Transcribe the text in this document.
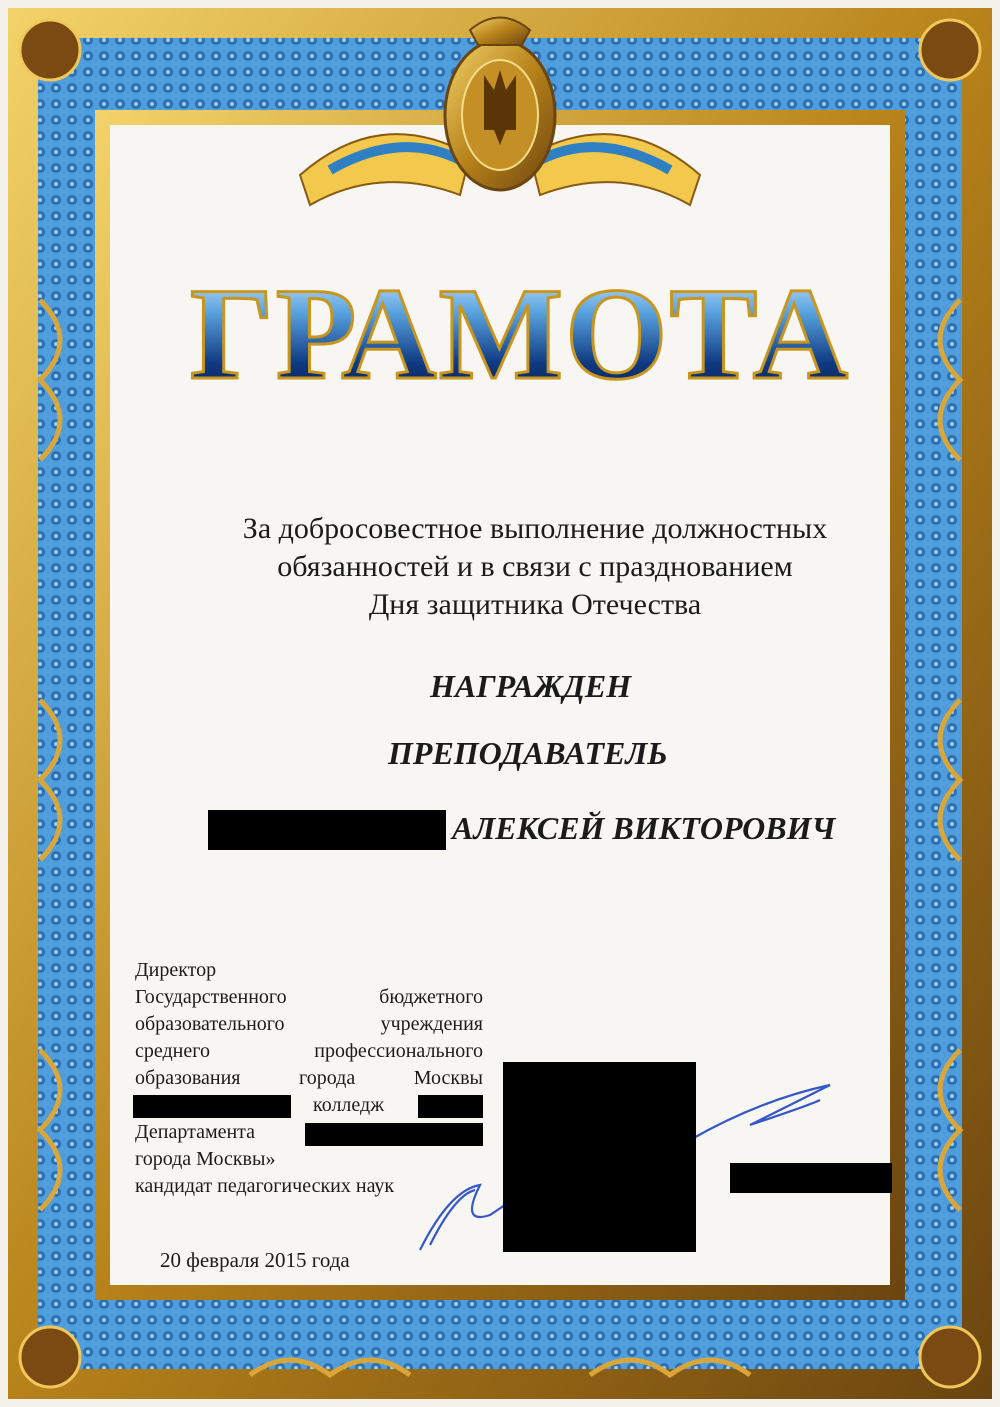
ГРАМОТА
За добросовестное выполнение должностных
обязанностей и в связи с празднованием
Дня защитника Отечества
НАГРАЖДЕН
ПРЕПОДАВАТЕЛЬ
АЛЕКСЕЙ ВИКТОРОВИЧ
Директор
Государственного	бюджетного
образовательного	учреждения
среднего	профессионального
образования	города	Москвы
колледж
Департамента
города Москвы»
кандидат педагогических наук
20 февраля 2015 года
